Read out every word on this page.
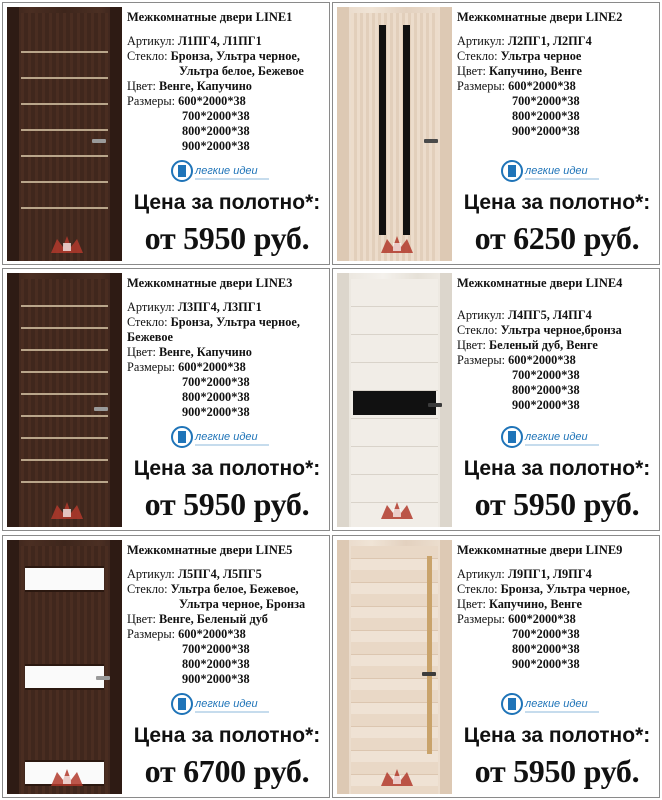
Межкомнатные двери LINE1
Артикул: Л1ПГ4, Л1ПГ1
Стекло: Бронза, Ультра черное,
Ультра белое, Бежевое
Цвет: Венге, Капучино
Размеры: 600*2000*38
700*2000*38
800*2000*38
900*2000*38
легкие идеи
Цена за полотно*:
от 5950 руб.
Межкомнатные двери LINE2
Артикул: Л2ПГ1, Л2ПГ4
Стекло: Ультра черное
Цвет: Капучино, Венге
Размеры: 600*2000*38
700*2000*38
800*2000*38
900*2000*38
легкие идеи
Цена за полотно*:
от 6250 руб.
Межкомнатные двери LINE3
Артикул: Л3ПГ4, Л3ПГ1
Стекло: Бронза, Ультра черное,
Бежевое
Цвет: Венге, Капучино
Размеры: 600*2000*38
700*2000*38
800*2000*38
900*2000*38
легкие идеи
Цена за полотно*:
от 5950 руб.
Межкомнатные двери LINE4
Артикул: Л4ПГ5, Л4ПГ4
Стекло: Ультра черное,бронза
Цвет: Беленый дуб, Венге
Размеры: 600*2000*38
700*2000*38
800*2000*38
900*2000*38
легкие идеи
Цена за полотно*:
от 5950 руб.
Межкомнатные двери LINE5
Артикул: Л5ПГ4, Л5ПГ5
Стекло: Ультра белое, Бежевое,
Ультра черное, Бронза
Цвет: Венге, Беленый дуб
Размеры: 600*2000*38
700*2000*38
800*2000*38
900*2000*38
легкие идеи
Цена за полотно*:
от 6700 руб.
Межкомнатные двери LINE9
Артикул: Л9ПГ1, Л9ПГ4
Стекло: Бронза, Ультра черное,
Цвет: Капучино, Венге
Размеры: 600*2000*38
700*2000*38
800*2000*38
900*2000*38
легкие идеи
Цена за полотно*:
от 5950 руб.
